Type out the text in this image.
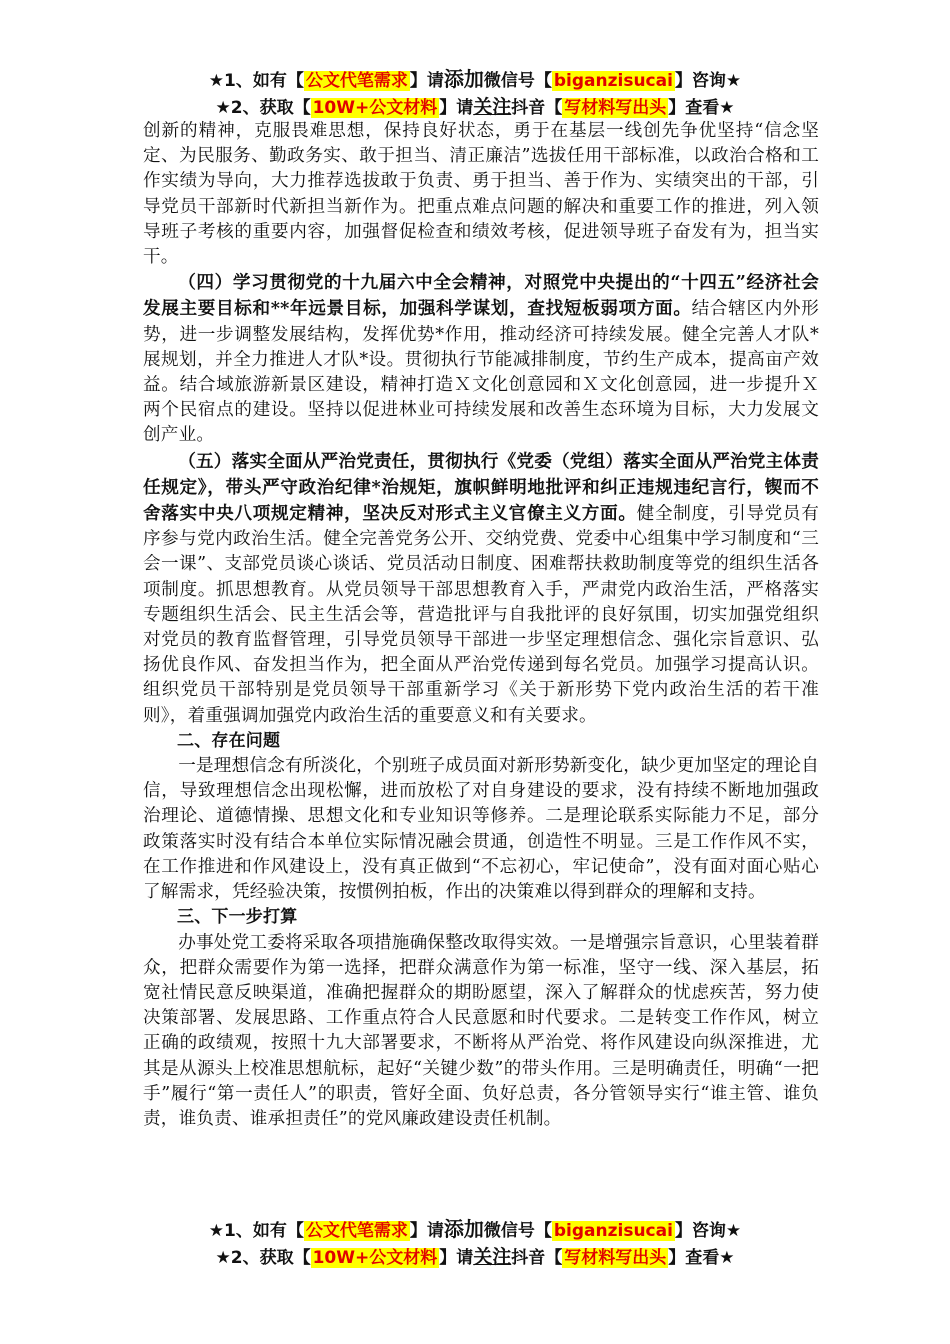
★1、如有【 公文代笔需求 】请添加微信号【 biganzisucai 】咨询★
★2、获取【 10W+公文材料 】请关注抖音【 写材料写出头 】查看★

创新的精神，克服畏难思想，保持良好状态，勇于在基层一线创先争优坚持“信念坚定、为民服务、勤政务实、敢于担当、清正廉洁”选拔任用干部标准，以政治合格和工作实绩为导向，大力推荐选拔敢于负责、勇于担当、善于作为、实绩突出的干部，引导党员干部新时代新担当新作为。把重点难点问题的解决和重要工作的推进，列入领导班子考核的重要内容，加强督促检查和绩效考核，促进领导班子奋发有为，担当实干。

（四）学习贯彻党的十九届六中全会精神，对照党中央提出的“十四五”经济社会发展主要目标和**年远景目标，加强科学谋划，查找短板弱项方面。结合辖区内外形势，进一步调整发展结构，发挥优势*作用，推动经济可持续发展。健全完善人才队*展规划，并全力推进人才队*设。贯彻执行节能减排制度，节约生产成本，提高亩产效益。结合域旅游新景区建设，精神打造Ｘ文化创意园和Ｘ文化创意园，进一步提升Ｘ两个民宿点的建设。坚持以促进林业可持续发展和改善生态环境为目标，大力发展文创产业。

（五）落实全面从严治党责任，贯彻执行《党委（党组）落实全面从严治党主体责任规定》，带头严守政治纪律*治规矩，旗帜鲜明地批评和纠正违规违纪言行，锲而不舍落实中央八项规定精神，坚决反对形式主义官僚主义方面。健全制度，引导党员有序参与党内政治生活。健全完善党务公开、交纳党费、党委中心组集中学习制度和“三会一课”、支部党员谈心谈话、党员活动日制度、困难帮扶救助制度等党的组织生活各项制度。抓思想教育。从党员领导干部思想教育入手，严肃党内政治生活，严格落实专题组织生活会、民主生活会等，营造批评与自我批评的良好氛围，切实加强党组织对党员的教育监督管理，引导党员领导干部进一步坚定理想信念、强化宗旨意识、弘扬优良作风、奋发担当作为，把全面从严治党传递到每名党员。加强学习提高认识。组织党员干部特别是党员领导干部重新学习《关于新形势下党内政治生活的若干准则》，着重强调加强党内政治生活的重要意义和有关要求。

二、存在问题

一是理想信念有所淡化，个别班子成员面对新形势新变化，缺少更加坚定的理论自信，导致理想信念出现松懈，进而放松了对自身建设的要求，没有持续不断地加强政治理论、道德情操、思想文化和专业知识等修养。二是理论联系实际能力不足，部分政策落实时没有结合本单位实际情况融会贯通，创造性不明显。三是工作作风不实，在工作推进和作风建设上，没有真正做到“不忘初心，牢记使命”，没有面对面心贴心了解需求，凭经验决策，按惯例拍板，作出的决策难以得到群众的理解和支持。

三、下一步打算

办事处党工委将采取各项措施确保整改取得实效。一是增强宗旨意识，心里装着群众，把群众需要作为第一选择，把群众满意作为第一标准，坚守一线、深入基层，拓宽社情民意反映渠道，准确把握群众的期盼愿望，深入了解群众的忧虑疾苦，努力使决策部署、发展思路、工作重点符合人民意愿和时代要求。二是转变工作作风，树立正确的政绩观，按照十九大部署要求，不断将从严治党、将作风建设向纵深推进，尤其是从源头上校准思想航标，起好“关键少数”的带头作用。三是明确责任，明确“一把手”履行“第一责任人”的职责，管好全面、负好总责，各分管领导实行“谁主管、谁负责，谁负责、谁承担责任”的党风廉政建设责任机制。

★1、如有【 公文代笔需求 】请添加微信号【 biganzisucai 】咨询★
★2、获取【 10W+公文材料 】请关注抖音【 写材料写出头 】查看★
